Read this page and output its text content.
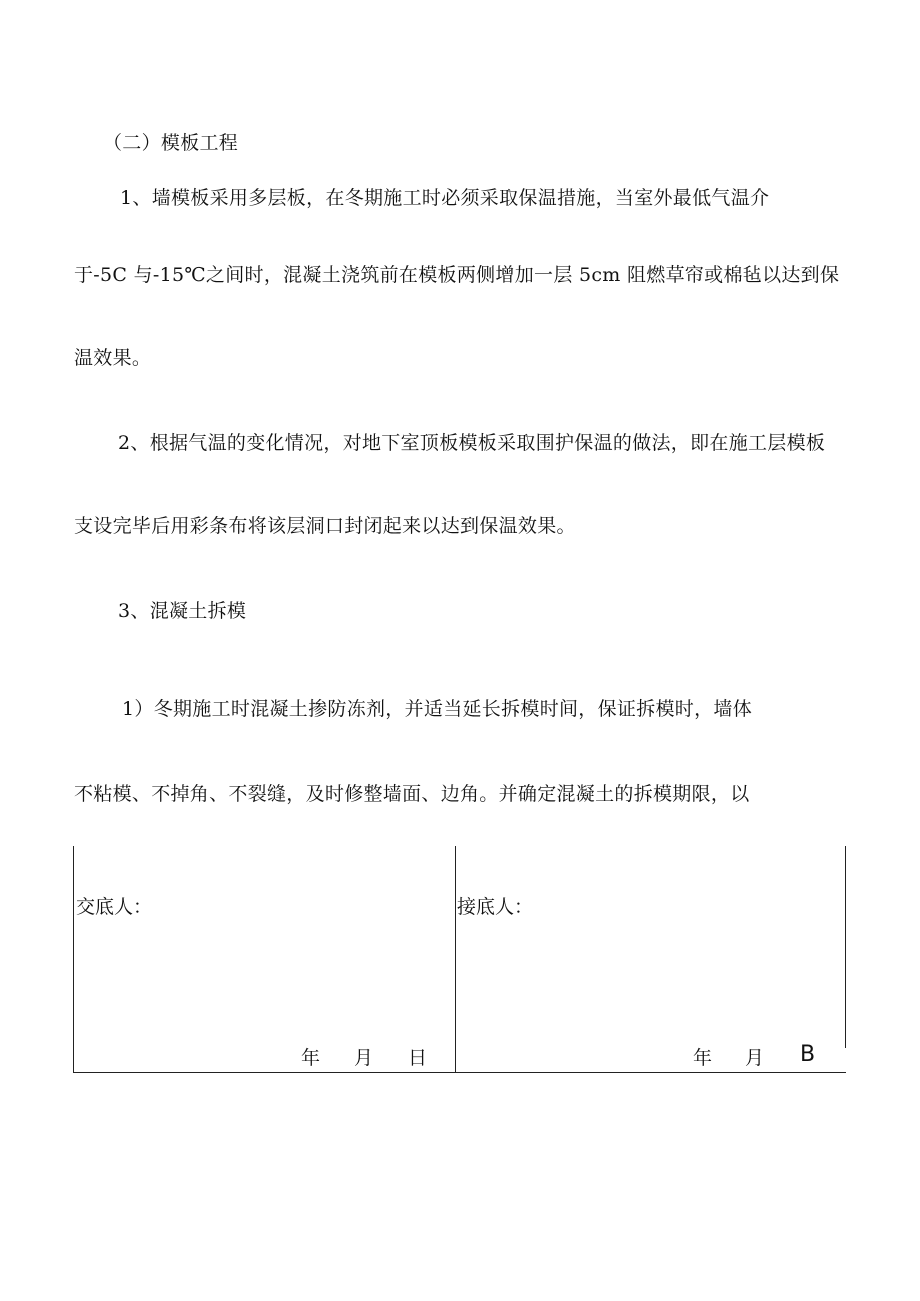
（二）模板工程
1、墙模板采用多层板，在冬期施工时必须采取保温措施，当室外最低气温介
于-5C 与-15℃之间时，混凝土浇筑前在模板两侧增加一层 5cm 阻燃草帘或棉毡以达到保
温效果。
2、根据气温的变化情况，对地下室顶板模板采取围护保温的做法，即在施工层模板
支设完毕后用彩条布将该层洞口封闭起来以达到保温效果。
3、混凝土拆模
1）冬期施工时混凝土掺防冻剂，并适当延长拆模时间，保证拆模时，墙体
不粘模、不掉角、不裂缝，及时修整墙面、边角。并确定混凝土的拆模期限，以
交底人：
年 月 日
接底人：
年 月 B
